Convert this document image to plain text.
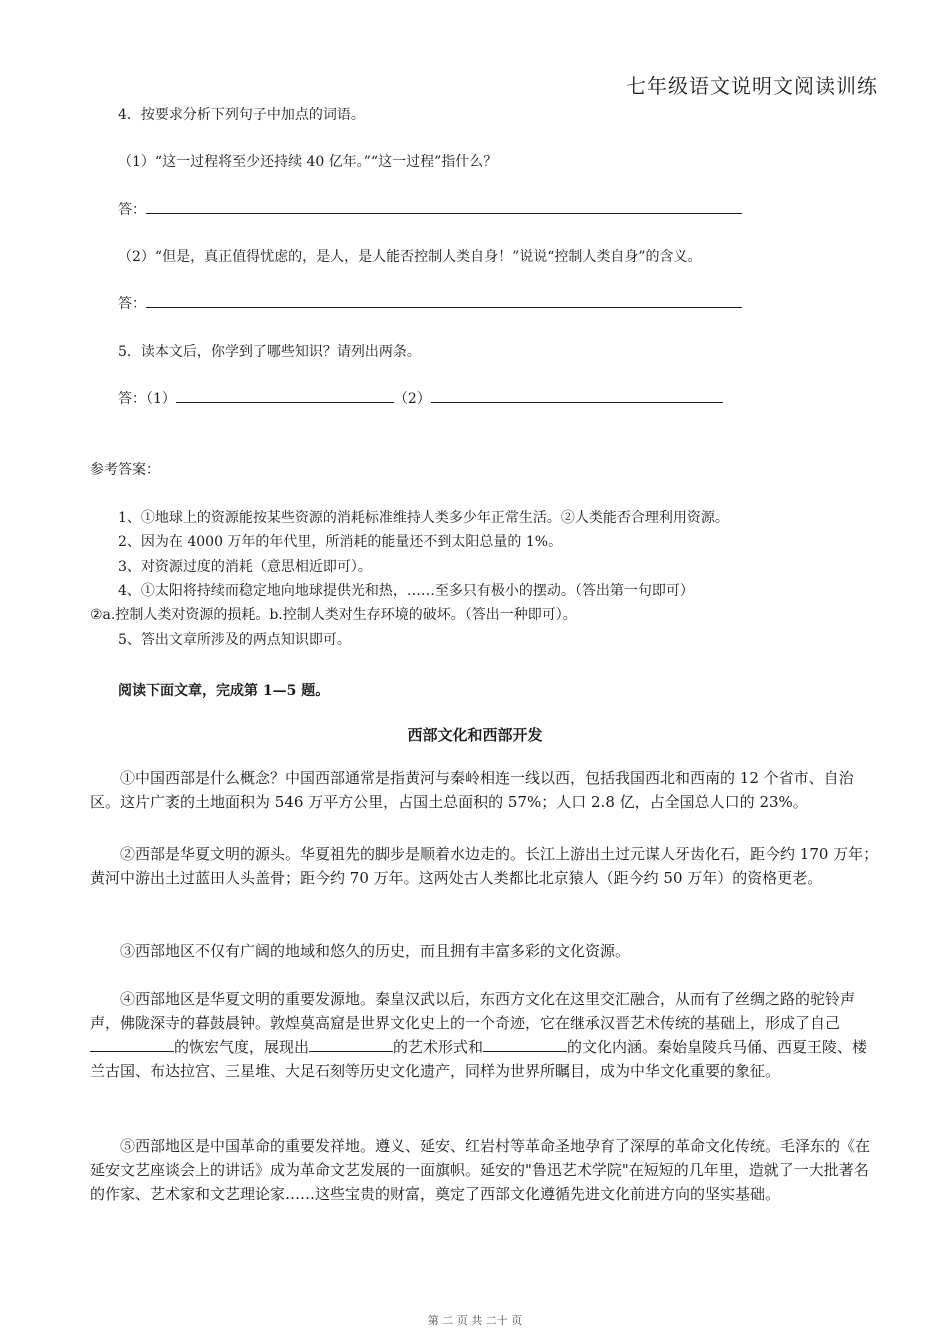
七年级语文说明文阅读训练
4．按要求分析下列句子中加点的词语。
（1）“这一过程将至少还持续 40 亿年。”“这一过程”指什么？
答：
（2）“但是，真正值得忧虑的，是人，是人能否控制人类自身！”说说“控制人类自身”的含义。
答：
5．读本文后，你学到了哪些知识？请列出两条。
答：（1）	（2）
参考答案：
1、①地球上的资源能按某些资源的消耗标准维持人类多少年正常生活。②人类能否合理利用资源。
2、因为在 4000 万年的年代里，所消耗的能量还不到太阳总量的 1%。
3、对资源过度的消耗（意思相近即可）。
4、①太阳将持续而稳定地向地球提供光和热，……至多只有极小的摆动。（答出第一句即可）
②a.控制人类对资源的损耗。b.控制人类对生存环境的破坏。（答出一种即可）。
5、答出文章所涉及的两点知识即可。
阅读下面文章，完成第 1—5 题。
西部文化和西部开发
①中国西部是什么概念？中国西部通常是指黄河与秦岭相连一线以西，包括我国西北和西南的 12 个省市、自治区。这片广袤的土地面积为 546 万平方公里，占国土总面积的 57%；人口 2.8 亿，占全国总人口的 23%。
②西部是华夏文明的源头。华夏祖先的脚步是顺着水边走的。长江上游出土过元谋人牙齿化石，距今约 170 万年；黄河中游出土过蓝田人头盖骨；距今约 70 万年。这两处古人类都比北京猿人（距今约 50 万年）的资格更老。
③西部地区不仅有广阔的地域和悠久的历史，而且拥有丰富多彩的文化资源。
④西部地区是华夏文明的重要发源地。秦皇汉武以后，东西方文化在这里交汇融合，从而有了丝绸之路的驼铃声声，佛陇深寺的暮鼓晨钟。敦煌莫高窟是世界文化史上的一个奇迹，它在继承汉晋艺术传统的基础上，形成了自己的恢宏气度，展现出	的艺术形式和	的文化内涵。秦始皇陵兵马俑、西夏王陵、楼兰古国、布达拉宫、三星堆、大足石刻等历史文化遗产，同样为世界所瞩目，成为中华文化重要的象征。
⑤西部地区是中国革命的重要发祥地。遵义、延安、红岩村等革命圣地孕育了深厚的革命文化传统。毛泽东的《在延安文艺座谈会上的讲话》成为革命文艺发展的一面旗帜。延安的"鲁迅艺术学院"在短短的几年里，造就了一大批著名的作家、艺术家和文艺理论家……这些宝贵的财富，奠定了西部文化遵循先进文化前进方向的坚实基础。
第 二 页 共 二十 页
